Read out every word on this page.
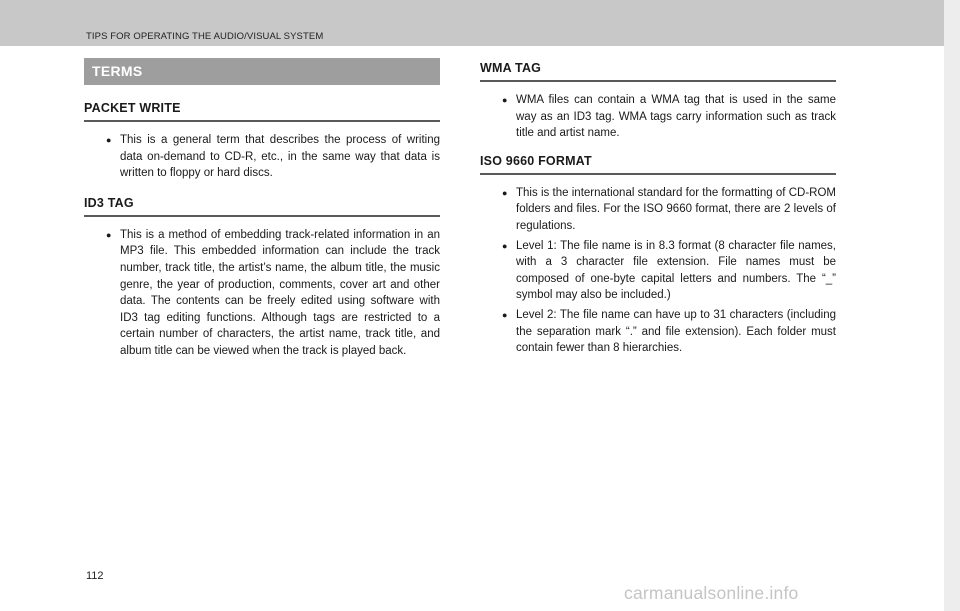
TIPS FOR OPERATING THE AUDIO/VISUAL SYSTEM
TERMS
PACKET WRITE
● This is a general term that describes the process of writing data on-demand to CD-R, etc., in the same way that data is written to floppy or hard discs.
ID3 TAG
● This is a method of embedding track-related information in an MP3 file. This embedded information can include the track number, track title, the artist’s name, the album title, the music genre, the year of production, comments, cover art and other data. The contents can be freely edited using software with ID3 tag editing functions. Although tags are restricted to a certain number of characters, the artist name, track title, and album title can be viewed when the track is played back.
WMA TAG
● WMA files can contain a WMA tag that is used in the same way as an ID3 tag. WMA tags carry information such as track title and artist name.
ISO 9660 FORMAT
● This is the international standard for the formatting of CD-ROM folders and files. For the ISO 9660 format, there are 2 levels of regulations.
● Level 1: The file name is in 8.3 format (8 character file names, with a 3 character file extension. File names must be composed of one-byte capital letters and numbers. The “_” symbol may also be included.)
● Level 2: The file name can have up to 31 characters (including the separation mark “.” and file extension). Each folder must contain fewer than 8 hierarchies.
112
carmanualsonline.info
